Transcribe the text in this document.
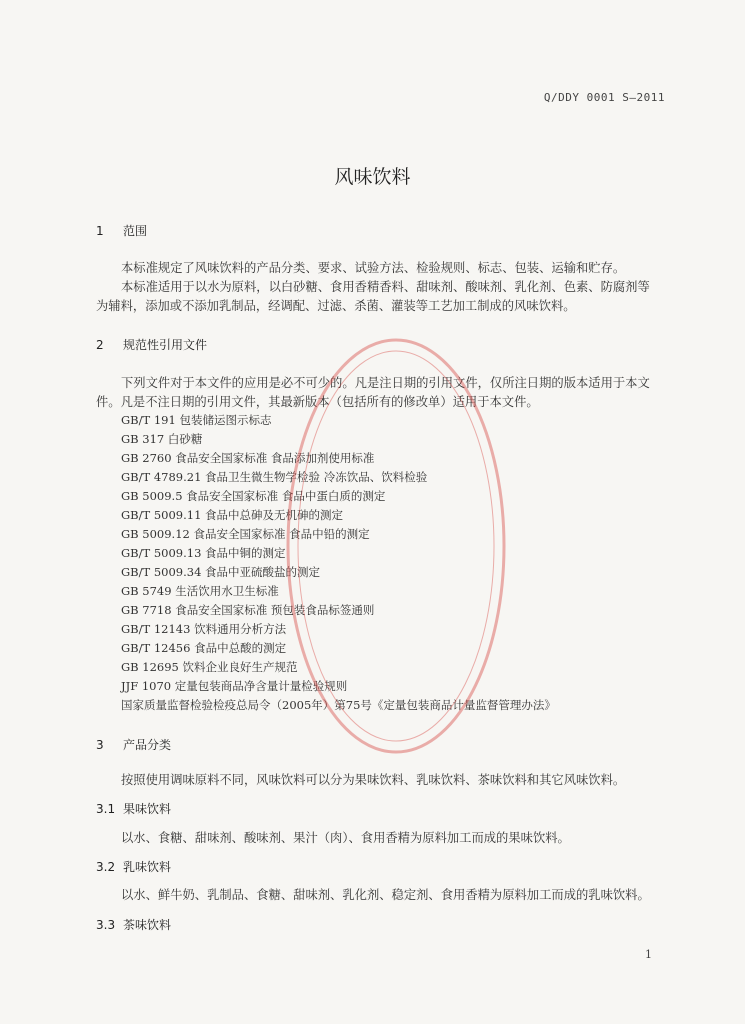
Q/DDY 0001 S—2011
风味饮料
1 范围
本标准规定了风味饮料的产品分类、要求、试验方法、检验规则、标志、包装、运输和贮存。
本标准适用于以水为原料，以白砂糖、食用香精香料、甜味剂、酸味剂、乳化剂、色素、防腐剂等
为辅料，添加或不添加乳制品，经调配、过滤、杀菌、灌装等工艺加工制成的风味饮料。
2 规范性引用文件
下列文件对于本文件的应用是必不可少的。凡是注日期的引用文件，仅所注日期的版本适用于本文
件。凡是不注日期的引用文件，其最新版本（包括所有的修改单）适用于本文件。
GB/T 191 包装储运图示标志
GB 317 白砂糖
GB 2760 食品安全国家标准 食品添加剂使用标准
GB/T 4789.21 食品卫生微生物学检验 冷冻饮品、饮料检验
GB 5009.5 食品安全国家标准 食品中蛋白质的测定
GB/T 5009.11 食品中总砷及无机砷的测定
GB 5009.12 食品安全国家标准 食品中铅的测定
GB/T 5009.13 食品中铜的测定
GB/T 5009.34 食品中亚硫酸盐的测定
GB 5749 生活饮用水卫生标准
GB 7718 食品安全国家标准 预包装食品标签通则
GB/T 12143 饮料通用分析方法
GB/T 12456 食品中总酸的测定
GB 12695 饮料企业良好生产规范
JJF 1070 定量包装商品净含量计量检验规则
国家质量监督检验检疫总局令（2005年）第75号《定量包装商品计量监督管理办法》
3 产品分类
按照使用调味原料不同，风味饮料可以分为果味饮料、乳味饮料、茶味饮料和其它风味饮料。
3.1 果味饮料
以水、食糖、甜味剂、酸味剂、果汁（肉）、食用香精为原料加工而成的果味饮料。
3.2 乳味饮料
以水、鲜牛奶、乳制品、食糖、甜味剂、乳化剂、稳定剂、食用香精为原料加工而成的乳味饮料。
3.3 茶味饮料
1
